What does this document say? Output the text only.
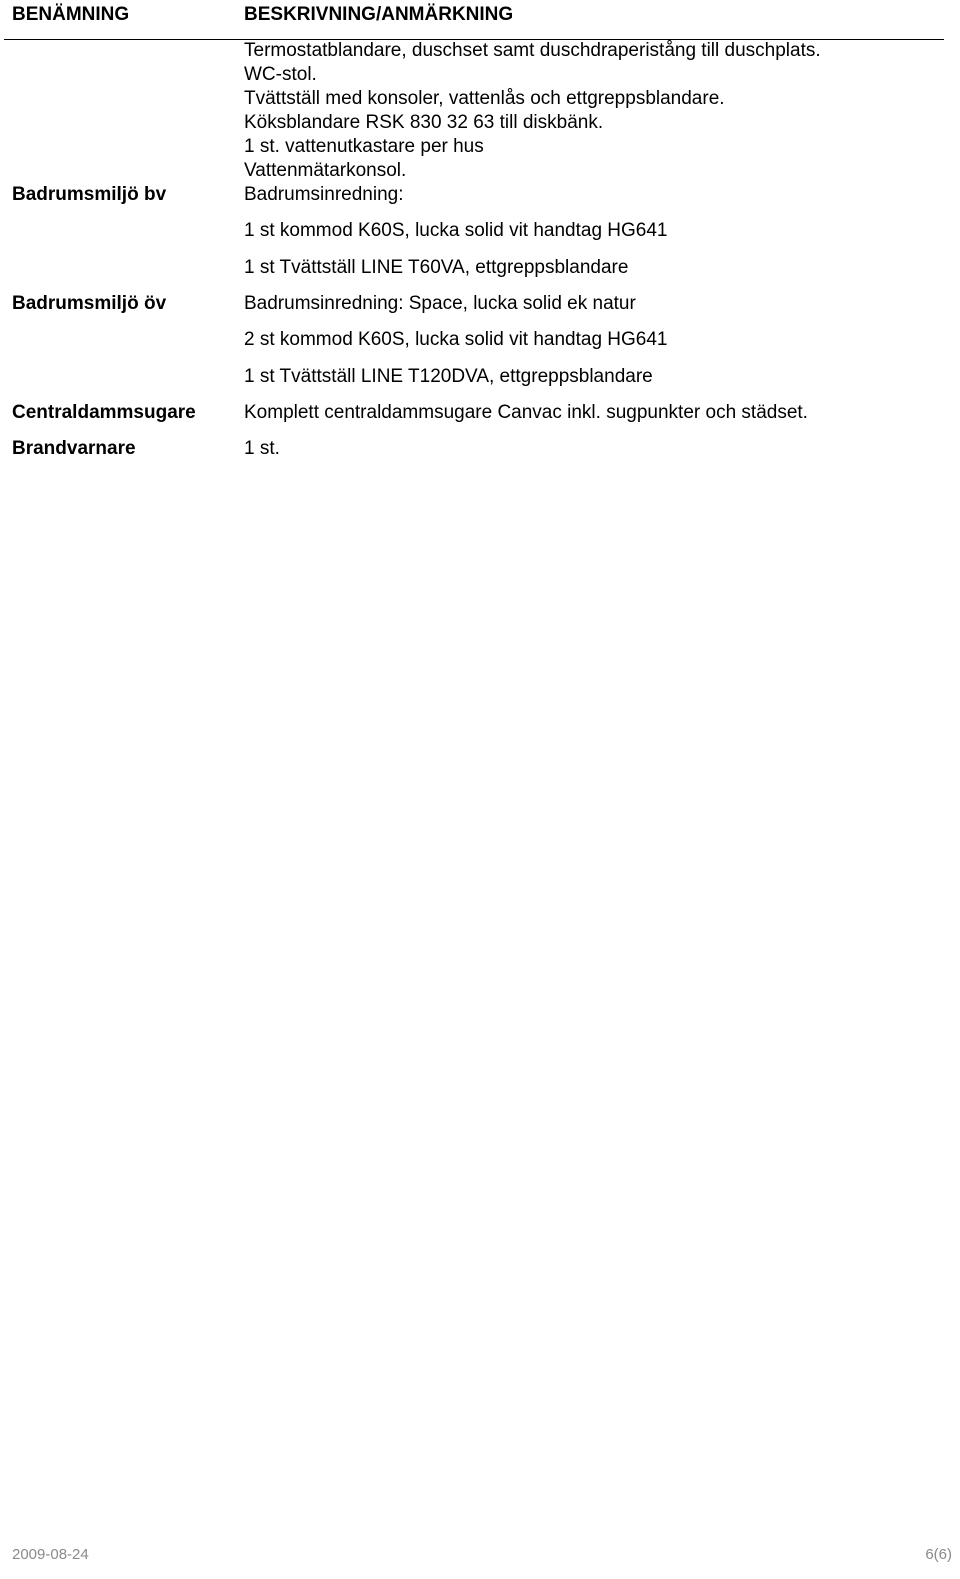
BENÄMNING	BESKRIVNING/ANMÄRKNING
Termostatblandare, duschset samt duschdraperistång till duschplats.
WC-stol.
Tvättställ med konsoler, vattenlås och ettgreppsblandare.
Köksblandare RSK 830 32 63 till diskbänk.
1 st. vattenutkastare per hus
Vattenmätarkonsol.
Badrumsmiljö bv	Badrumsinredning:
1 st kommod K60S, lucka solid vit handtag HG641
1 st Tvättställ LINE T60VA, ettgreppsblandare
Badrumsmiljö öv	Badrumsinredning: Space, lucka solid ek natur
2 st kommod K60S, lucka solid vit handtag HG641
1 st Tvättställ LINE T120DVA, ettgreppsblandare
Centraldammsugare	Komplett centraldammsugare Canvac inkl. sugpunkter och städset.
Brandvarnare	1 st.
2009-08-24	6(6)
